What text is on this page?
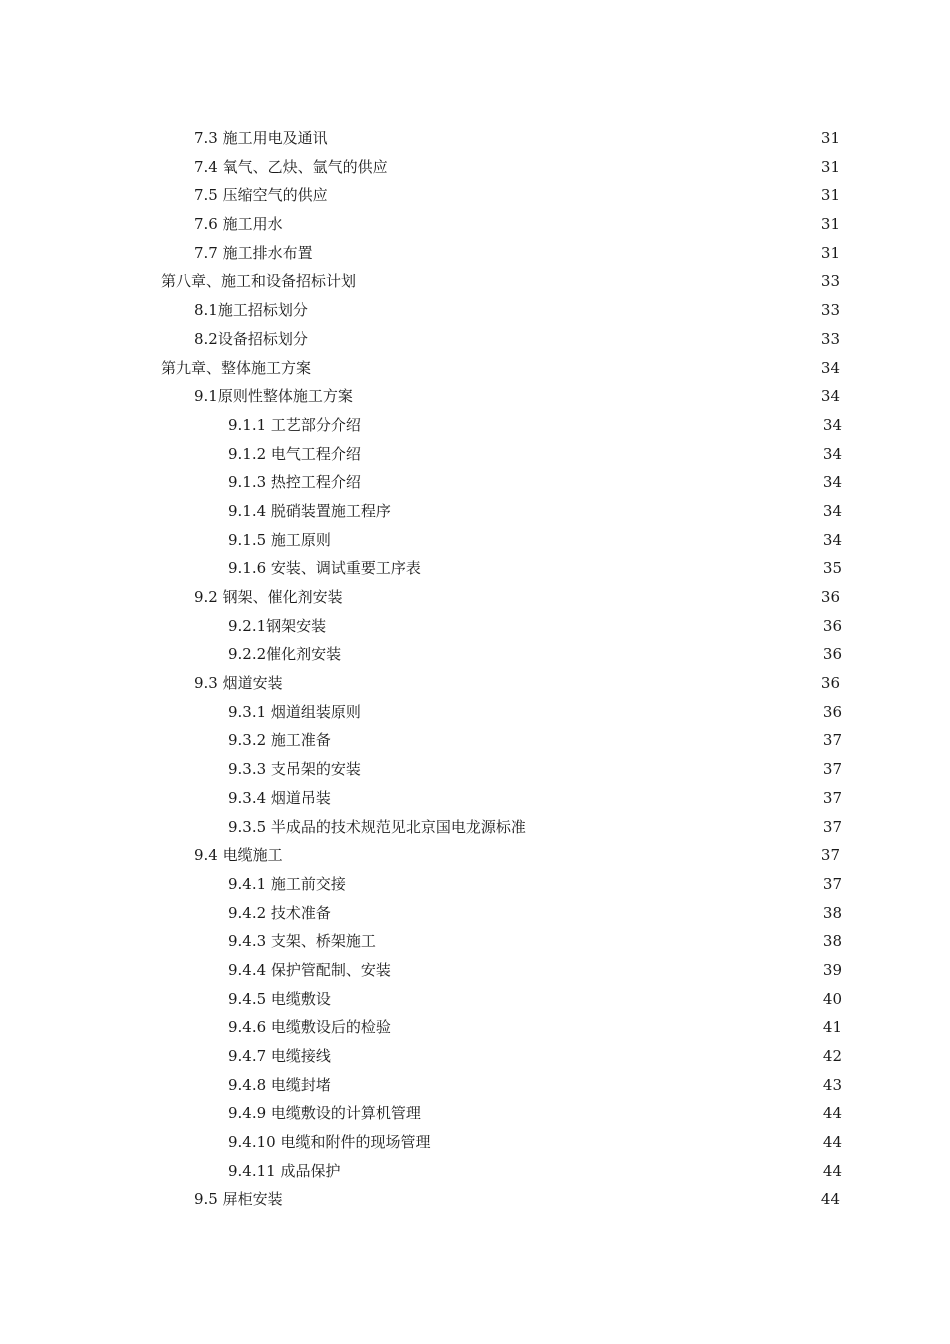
7.3 施工用电及通讯	31
7.4 氧气、乙炔、氩气的供应	31
7.5 压缩空气的供应	31
7.6 施工用水	31
7.7 施工排水布置	31
第八章、施工和设备招标计划	33
8.1施工招标划分	33
8.2设备招标划分	33
第九章、整体施工方案	34
9.1原则性整体施工方案	34
9.1.1 工艺部分介绍	34
9.1.2 电气工程介绍	34
9.1.3 热控工程介绍	34
9.1.4 脱硝装置施工程序	34
9.1.5 施工原则	34
9.1.6 安装、调试重要工序表	35
9.2 钢架、催化剂安装	36
9.2.1钢架安装	36
9.2.2催化剂安装	36
9.3 烟道安装	36
9.3.1 烟道组装原则	36
9.3.2 施工准备	37
9.3.3 支吊架的安装	37
9.3.4 烟道吊装	37
9.3.5 半成品的技术规范见北京国电龙源标准	37
9.4 电缆施工	37
9.4.1 施工前交接	37
9.4.2 技术准备	38
9.4.3 支架、桥架施工	38
9.4.4 保护管配制、安装	39
9.4.5 电缆敷设	40
9.4.6 电缆敷设后的检验	41
9.4.7 电缆接线	42
9.4.8 电缆封堵	43
9.4.9 电缆敷设的计算机管理	44
9.4.10 电缆和附件的现场管理	44
9.4.11 成品保护	44
9.5 屏柜安装	44
